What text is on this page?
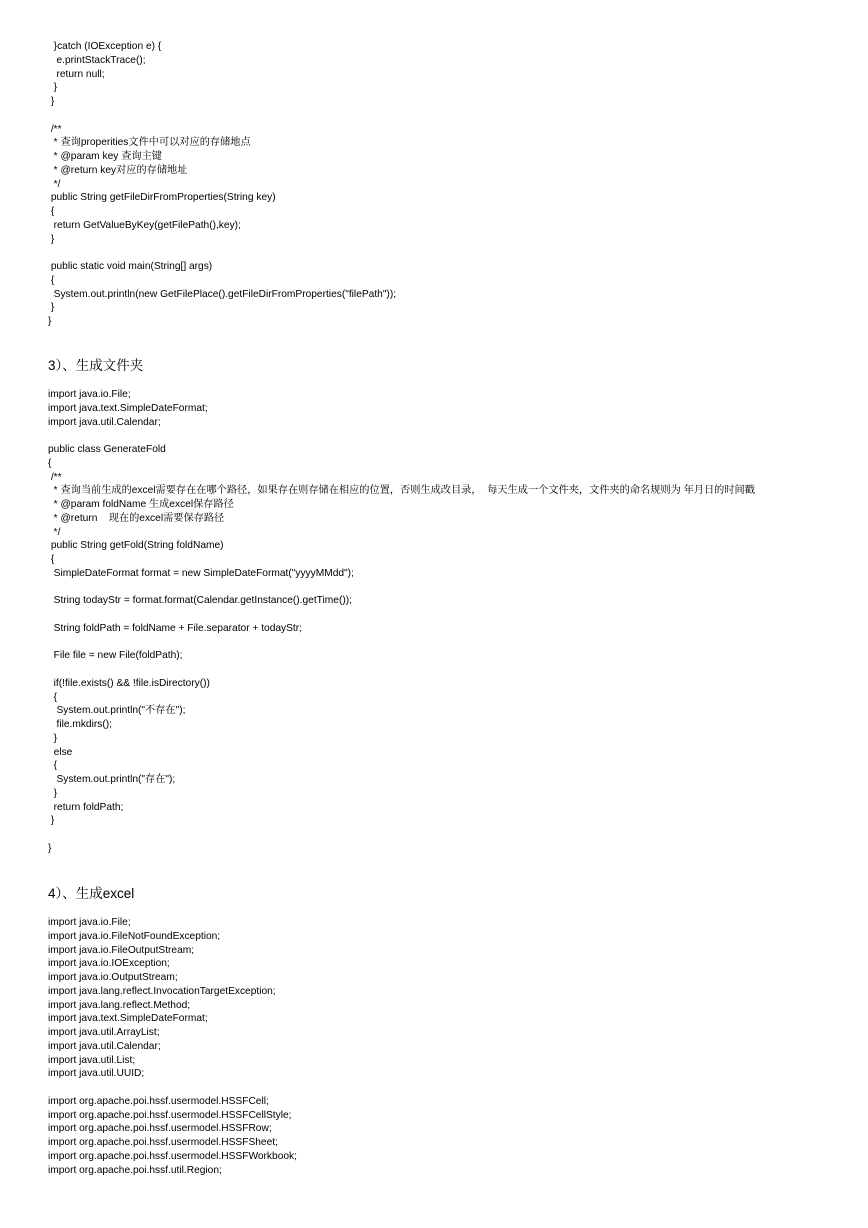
}catch (IOException e) {
e.printStackTrace();
return null;
}
}
/**
* 查询properities文件中可以对应的存储地点
* @param key 查询主键
* @return key对应的存储地址
*/
public String getFileDirFromProperties(String key)
{
return GetValueByKey(getFilePath(),key);
}
public static void main(String[] args)
{
System.out.println(new GetFilePlace().getFileDirFromProperties("filePath"));
}
}
3）、生成文件夹
import java.io.File;
import java.text.SimpleDateFormat;
import java.util.Calendar;
public class GenerateFold
{
/**
* 查询当前生成的excel需要存在在哪个路径，如果存在则存储在相应的位置，否则生成改目录，  每天生成一个文件夹，文件夹的命名规则为 年月日的时间戳
* @param foldName 生成excel保存路径
* @return    现在的excel需要保存路径
*/
public String getFold(String foldName)
{
SimpleDateFormat format = new SimpleDateFormat("yyyyMMdd");
String todayStr = format.format(Calendar.getInstance().getTime());
String foldPath = foldName + File.separator + todayStr;
File file = new File(foldPath);
if(!file.exists() && !file.isDirectory())
{
System.out.println("不存在");
file.mkdirs();
}
else
{
System.out.println("存在");
}
return foldPath;
}
}
4）、生成excel
import java.io.File;
import java.io.FileNotFoundException;
import java.io.FileOutputStream;
import java.io.IOException;
import java.io.OutputStream;
import java.lang.reflect.InvocationTargetException;
import java.lang.reflect.Method;
import java.text.SimpleDateFormat;
import java.util.ArrayList;
import java.util.Calendar;
import java.util.List;
import java.util.UUID;
import org.apache.poi.hssf.usermodel.HSSFCell;
import org.apache.poi.hssf.usermodel.HSSFCellStyle;
import org.apache.poi.hssf.usermodel.HSSFRow;
import org.apache.poi.hssf.usermodel.HSSFSheet;
import org.apache.poi.hssf.usermodel.HSSFWorkbook;
import org.apache.poi.hssf.util.Region;
